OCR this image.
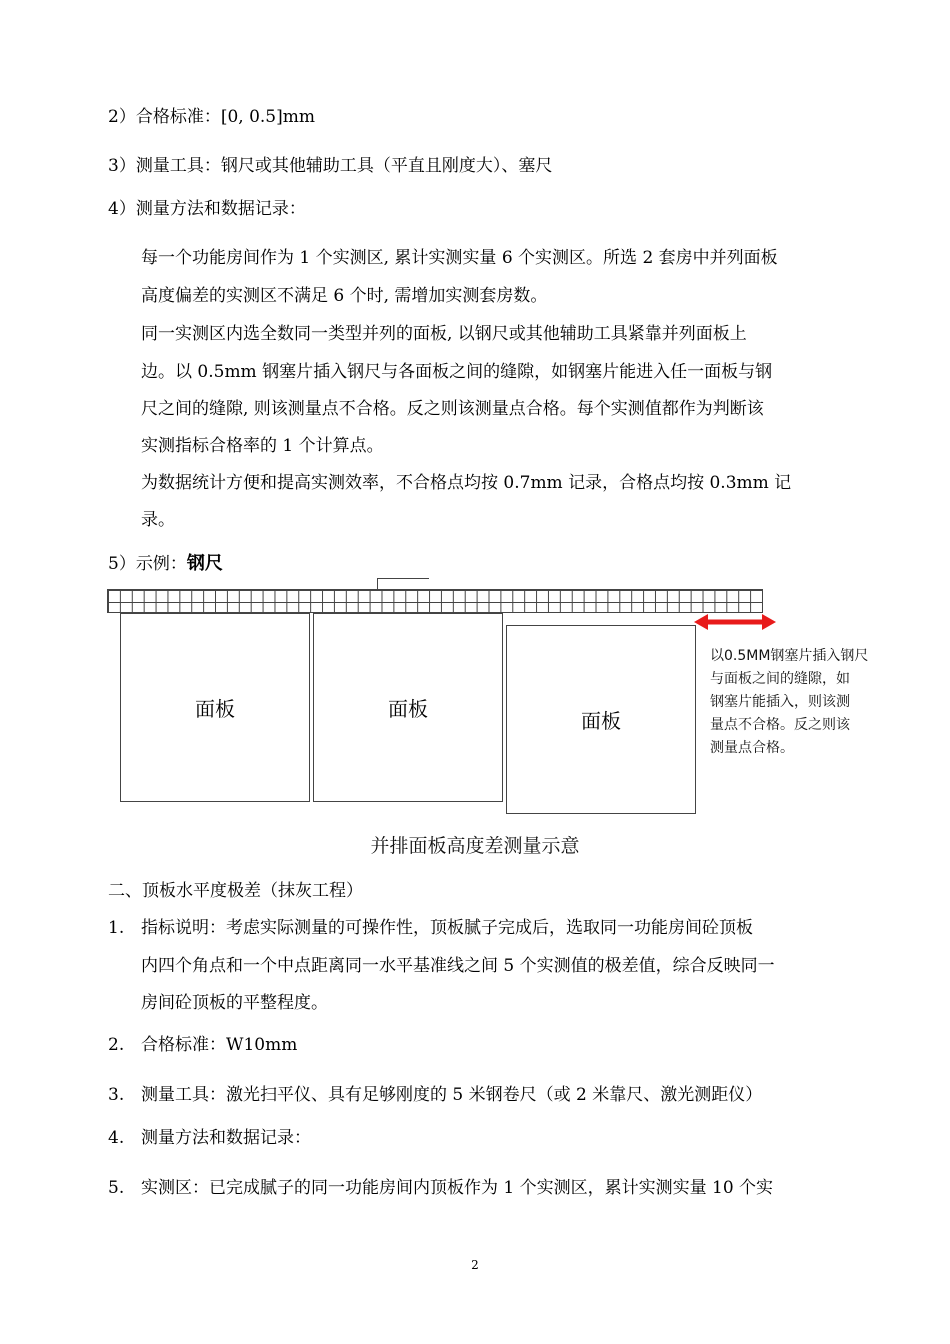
2）合格标准：[0, 0.5]mm
3）测量工具：钢尺或其他辅助工具（平直且刚度大）、塞尺
4）测量方法和数据记录：
每一个功能房间作为 1 个实测区, 累计实测实量 6 个实测区。所选 2 套房中并列面板
高度偏差的实测区不满足 6 个时, 需增加实测套房数。
同一实测区内选全数同一类型并列的面板, 以钢尺或其他辅助工具紧靠并列面板上
边。以 0.5mm 钢塞片插入钢尺与各面板之间的缝隙，如钢塞片能进入任一面板与钢
尺之间的缝隙, 则该测量点不合格。反之则该测量点合格。每个实测值都作为判断该
实测指标合格率的 1 个计算点。
为数据统计方便和提高实测效率，不合格点均按 0.7mm 记录，合格点均按 0.3mm 记
录。
5）示例：钢尺
面板	面板	面板
以0.5MM钢塞片插入钢尺
与面板之间的缝隙，如
钢塞片能插入，则该测
量点不合格。反之则该
测量点合格。
并排面板高度差测量示意
二、顶板水平度极差（抹灰工程）
1. 指标说明：考虑实际测量的可操作性，顶板腻子完成后，选取同一功能房间砼顶板
内四个角点和一个中点距离同一水平基准线之间 5 个实测值的极差值，综合反映同一
房间砼顶板的平整程度。
2. 合格标准：W10mm
3. 测量工具：激光扫平仪、具有足够刚度的 5 米钢卷尺（或 2 米靠尺、激光测距仪）
4. 测量方法和数据记录：
5. 实测区：已完成腻子的同一功能房间内顶板作为 1 个实测区，累计实测实量 10 个实
2
